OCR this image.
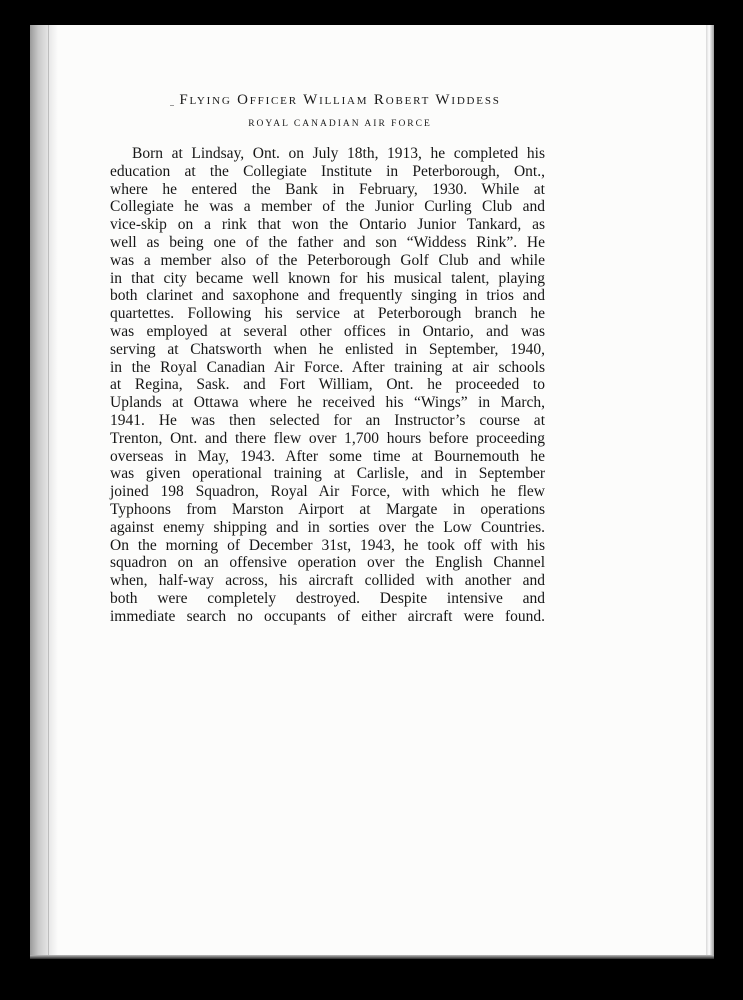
Flying Officer William Robert Widdess
ROYAL CANADIAN AIR FORCE
Born at Lindsay, Ont. on July 18th, 1913, he completed his
education at the Collegiate Institute in Peterborough, Ont.,
where he entered the Bank in February, 1930. While at
Collegiate he was a member of the Junior Curling Club and
vice-skip on a rink that won the Ontario Junior Tankard, as
well as being one of the father and son “Widdess Rink”. He
was a member also of the Peterborough Golf Club and while
in that city became well known for his musical talent, playing
both clarinet and saxophone and frequently singing in trios and
quartettes. Following his service at Peterborough branch he
was employed at several other offices in Ontario, and was
serving at Chatsworth when he enlisted in September, 1940,
in the Royal Canadian Air Force. After training at air schools
at Regina, Sask. and Fort William, Ont. he proceeded to
Uplands at Ottawa where he received his “Wings” in March,
1941. He was then selected for an Instructor’s course at
Trenton, Ont. and there flew over 1,700 hours before proceeding
overseas in May, 1943. After some time at Bournemouth he
was given operational training at Carlisle, and in September
joined 198 Squadron, Royal Air Force, with which he flew
Typhoons from Marston Airport at Margate in operations
against enemy shipping and in sorties over the Low Countries.
On the morning of December 31st, 1943, he took off with his
squadron on an offensive operation over the English Channel
when, half-way across, his aircraft collided with another and
both were completely destroyed. Despite intensive and
immediate search no occupants of either aircraft were found.
